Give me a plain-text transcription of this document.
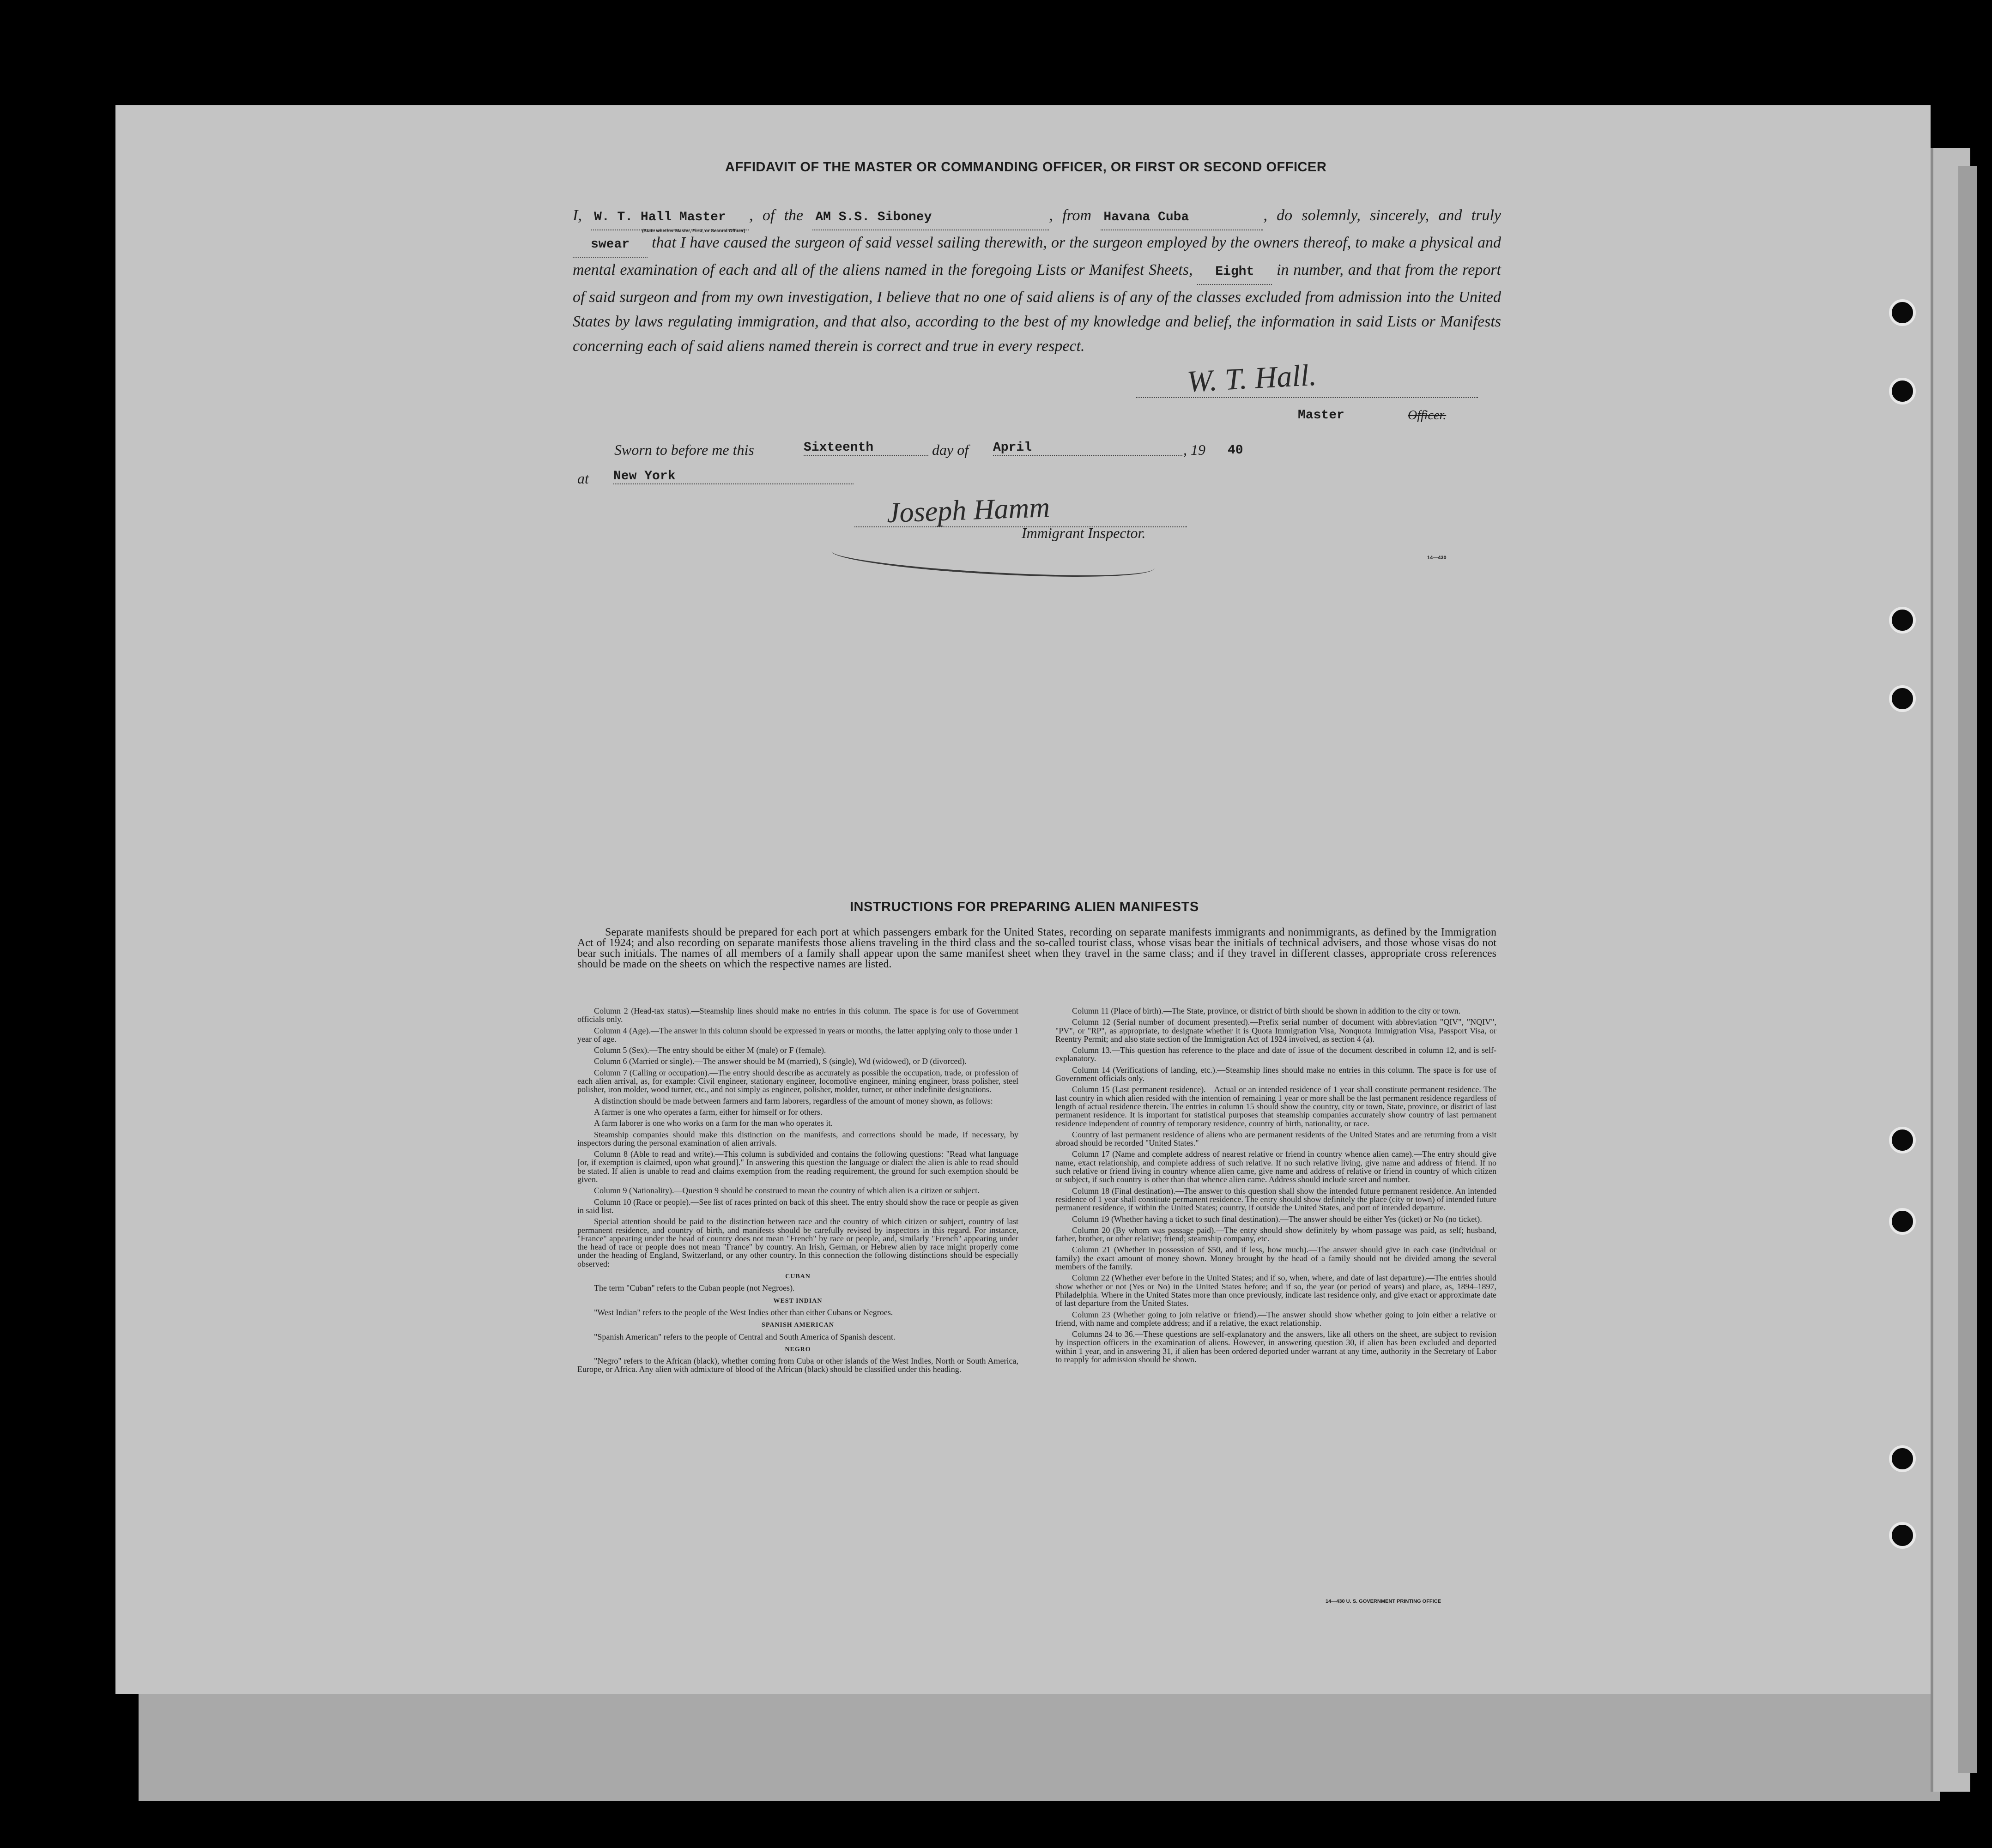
AFFIDAVIT OF THE MASTER OR COMMANDING OFFICER, OR FIRST OR SECOND OFFICER
I, W. T. Hall Master
(State whether Master, First, or Second Officer)
, of the AM S.S. Siboney	, from Havana Cuba	, do solemnly, sincerely, and truly swear that I have caused the surgeon of said vessel sailing therewith, or the surgeon employed by the owners thereof, to make a physical and mental examination of each and all of the aliens named in the foregoing Lists or Manifest Sheets, Eight in number, and that from the report of said surgeon and from my own investigation, I believe that no one of said aliens is of any of the classes excluded from admission into the United States by laws regulating immigration, and that also, according to the best of my knowledge and belief, the information in said Lists or Manifests concerning each of said aliens named therein is correct and true in every respect.
W. T. Hall.
Master	Officer.
Sworn to before me this	Sixteenth	day of April	, 19 40
at New York
Joseph Hamm
Immigrant Inspector.
14—430
INSTRUCTIONS FOR PREPARING ALIEN MANIFESTS
Separate manifests should be prepared for each port at which passengers embark for the United States, recording on separate manifests immigrants and nonimmigrants, as defined by the Immigration Act of 1924; and also recording on separate manifests those aliens traveling in the third class and the so-called tourist class, whose visas bear the initials of technical advisers, and those whose visas do not bear such initials. The names of all members of a family shall appear upon the same manifest sheet when they travel in the same class; and if they travel in different classes, appropriate cross references should be made on the sheets on which the respective names are listed.

Column 2 (Head-tax status).—Steamship lines should make no entries in this column. The space is for use of Government officials only.

Column 4 (Age).—The answer in this column should be expressed in years or months, the latter applying only to those under 1 year of age.

Column 5 (Sex).—The entry should be either M (male) or F (female).

Column 6 (Married or single).—The answer should be M (married), S (single), Wd (widowed), or D (divorced).

Column 7 (Calling or occupation).—The entry should describe as accurately as possible the occupation, trade, or profession of each alien arrival, as, for example: Civil engineer, stationary engineer, locomotive engineer, mining engineer, brass polisher, steel polisher, iron molder, wood turner, etc., and not simply as engineer, polisher, molder, turner, or other indefinite designations.

A distinction should be made between farmers and farm laborers, regardless of the amount of money shown, as follows:

A farmer is one who operates a farm, either for himself or for others.

A farm laborer is one who works on a farm for the man who operates it.

Steamship companies should make this distinction on the manifests, and corrections should be made, if necessary, by inspectors during the personal examination of alien arrivals.

Column 8 (Able to read and write).—This column is subdivided and contains the following questions: "Read what language [or, if exemption is claimed, upon what ground]." In answering this question the language or dialect the alien is able to read should be stated. If alien is unable to read and claims exemption from the reading requirement, the ground for such exemption should be given.

Column 9 (Nationality).—Question 9 should be construed to mean the country of which alien is a citizen or subject.

Column 10 (Race or people).—See list of races printed on back of this sheet. The entry should show the race or people as given in said list.

Special attention should be paid to the distinction between race and the country of which citizen or subject, country of last permanent residence, and country of birth, and manifests should be carefully revised by inspectors in this regard. For instance, "France" appearing under the head of country does not mean "French" by race or people, and, similarly "French" appearing under the head of race or people does not mean "France" by country. An Irish, German, or Hebrew alien by race might properly come under the heading of England, Switzerland, or any other country. In this connection the following distinctions should be especially observed:

CUBAN

The term "Cuban" refers to the Cuban people (not Negroes).

WEST INDIAN

"West Indian" refers to the people of the West Indies other than either Cubans or Negroes.

SPANISH AMERICAN

"Spanish American" refers to the people of Central and South America of Spanish descent.

NEGRO

"Negro" refers to the African (black), whether coming from Cuba or other islands of the West Indies, North or South America, Europe, or Africa. Any alien with admixture of blood of the African (black) should be classified under this heading.

Column 11 (Place of birth).—The State, province, or district of birth should be shown in addition to the city or town.

Column 12 (Serial number of document presented).—Prefix serial number of document with abbreviation "QIV", "NQIV", "PV", or "RP", as appropriate, to designate whether it is Quota Immigration Visa, Nonquota Immigration Visa, Passport Visa, or Reentry Permit; and also state section of the Immigration Act of 1924 involved, as section 4 (a).

Column 13.—This question has reference to the place and date of issue of the document described in column 12, and is self-explanatory.

Column 14 (Verifications of landing, etc.).—Steamship lines should make no entries in this column. The space is for use of Government officials only.

Column 15 (Last permanent residence).—Actual or an intended residence of 1 year shall constitute permanent residence. The last country in which alien resided with the intention of remaining 1 year or more shall be the last permanent residence regardless of length of actual residence therein. The entries in column 15 should show the country, city or town, State, province, or district of last permanent residence. It is important for statistical purposes that steamship companies accurately show country of last permanent residence independent of country of temporary residence, country of birth, nationality, or race.

Country of last permanent residence of aliens who are permanent residents of the United States and are returning from a visit abroad should be recorded "United States."

Column 17 (Name and complete address of nearest relative or friend in country whence alien came).—The entry should give name, exact relationship, and complete address of such relative. If no such relative living, give name and address of friend. If no such relative or friend living in country whence alien came, give name and address of relative or friend in country of which citizen or subject, if such country is other than that whence alien came. Address should include street and number.

Column 18 (Final destination).—The answer to this question shall show the intended future permanent residence. An intended residence of 1 year shall constitute permanent residence. The entry should show definitely the place (city or town) of intended future permanent residence, if within the United States; country, if outside the United States, and port of intended departure.

Column 19 (Whether having a ticket to such final destination).—The answer should be either Yes (ticket) or No (no ticket).

Column 20 (By whom was passage paid).—The entry should show definitely by whom passage was paid, as self; husband, father, brother, or other relative; friend; steamship company, etc.

Column 21 (Whether in possession of $50, and if less, how much).—The answer should give in each case (individual or family) the exact amount of money shown. Money brought by the head of a family should not be divided among the several members of the family.

Column 22 (Whether ever before in the United States; and if so, when, where, and date of last departure).—The entries should show whether or not (Yes or No) in the United States before; and if so, the year (or period of years) and place, as, 1894–1897, Philadelphia. Where in the United States more than once previously, indicate last residence only, and give exact or approximate date of last departure from the United States.

Column 23 (Whether going to join relative or friend).—The answer should show whether going to join either a relative or friend, with name and complete address; and if a relative, the exact relationship.

Columns 24 to 36.—These questions are self-explanatory and the answers, like all others on the sheet, are subject to revision by inspection officers in the examination of aliens. However, in answering question 30, if alien has been excluded and deported within 1 year, and in answering 31, if alien has been ordered deported under warrant at any time, authority in the Secretary of Labor to reapply for admission should be shown.

14—430 U. S. GOVERNMENT PRINTING OFFICE
